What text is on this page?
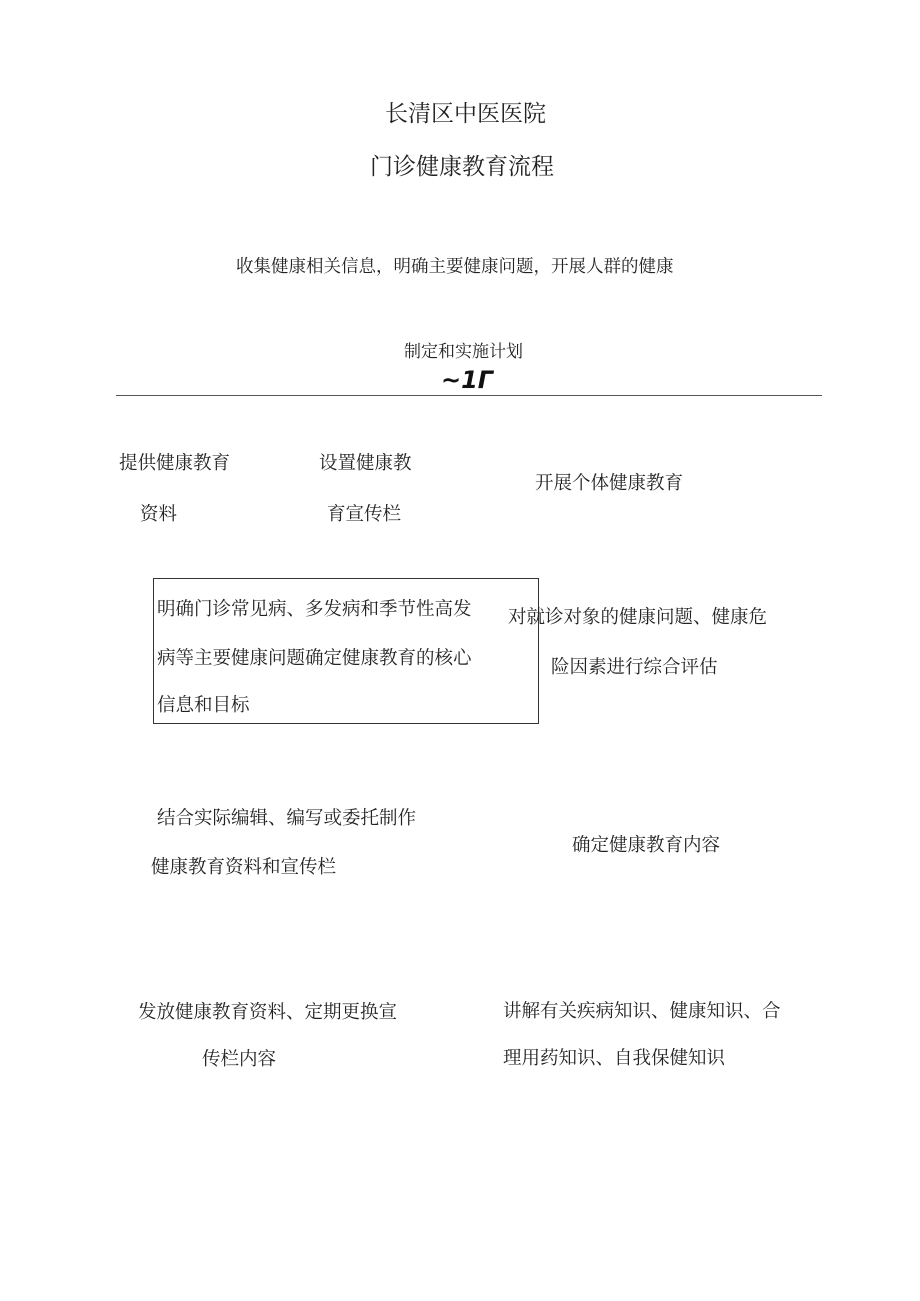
长清区中医医院
门诊健康教育流程
收集健康相关信息，明确主要健康问题，开展人群的健康
制定和实施计划
~1Γ
提供健康教育
资料
设置健康教
育宣传栏
开展个体健康教育
明确门诊常见病、多发病和季节性高发
病等主要健康问题确定健康教育的核心
信息和目标
对就诊对象的健康问题、健康危
险因素进行综合评估
结合实际编辑、编写或委托制作
健康教育资料和宣传栏
确定健康教育内容
发放健康教育资料、定期更换宣
传栏内容
讲解有关疾病知识、健康知识、合
理用药知识、自我保健知识
